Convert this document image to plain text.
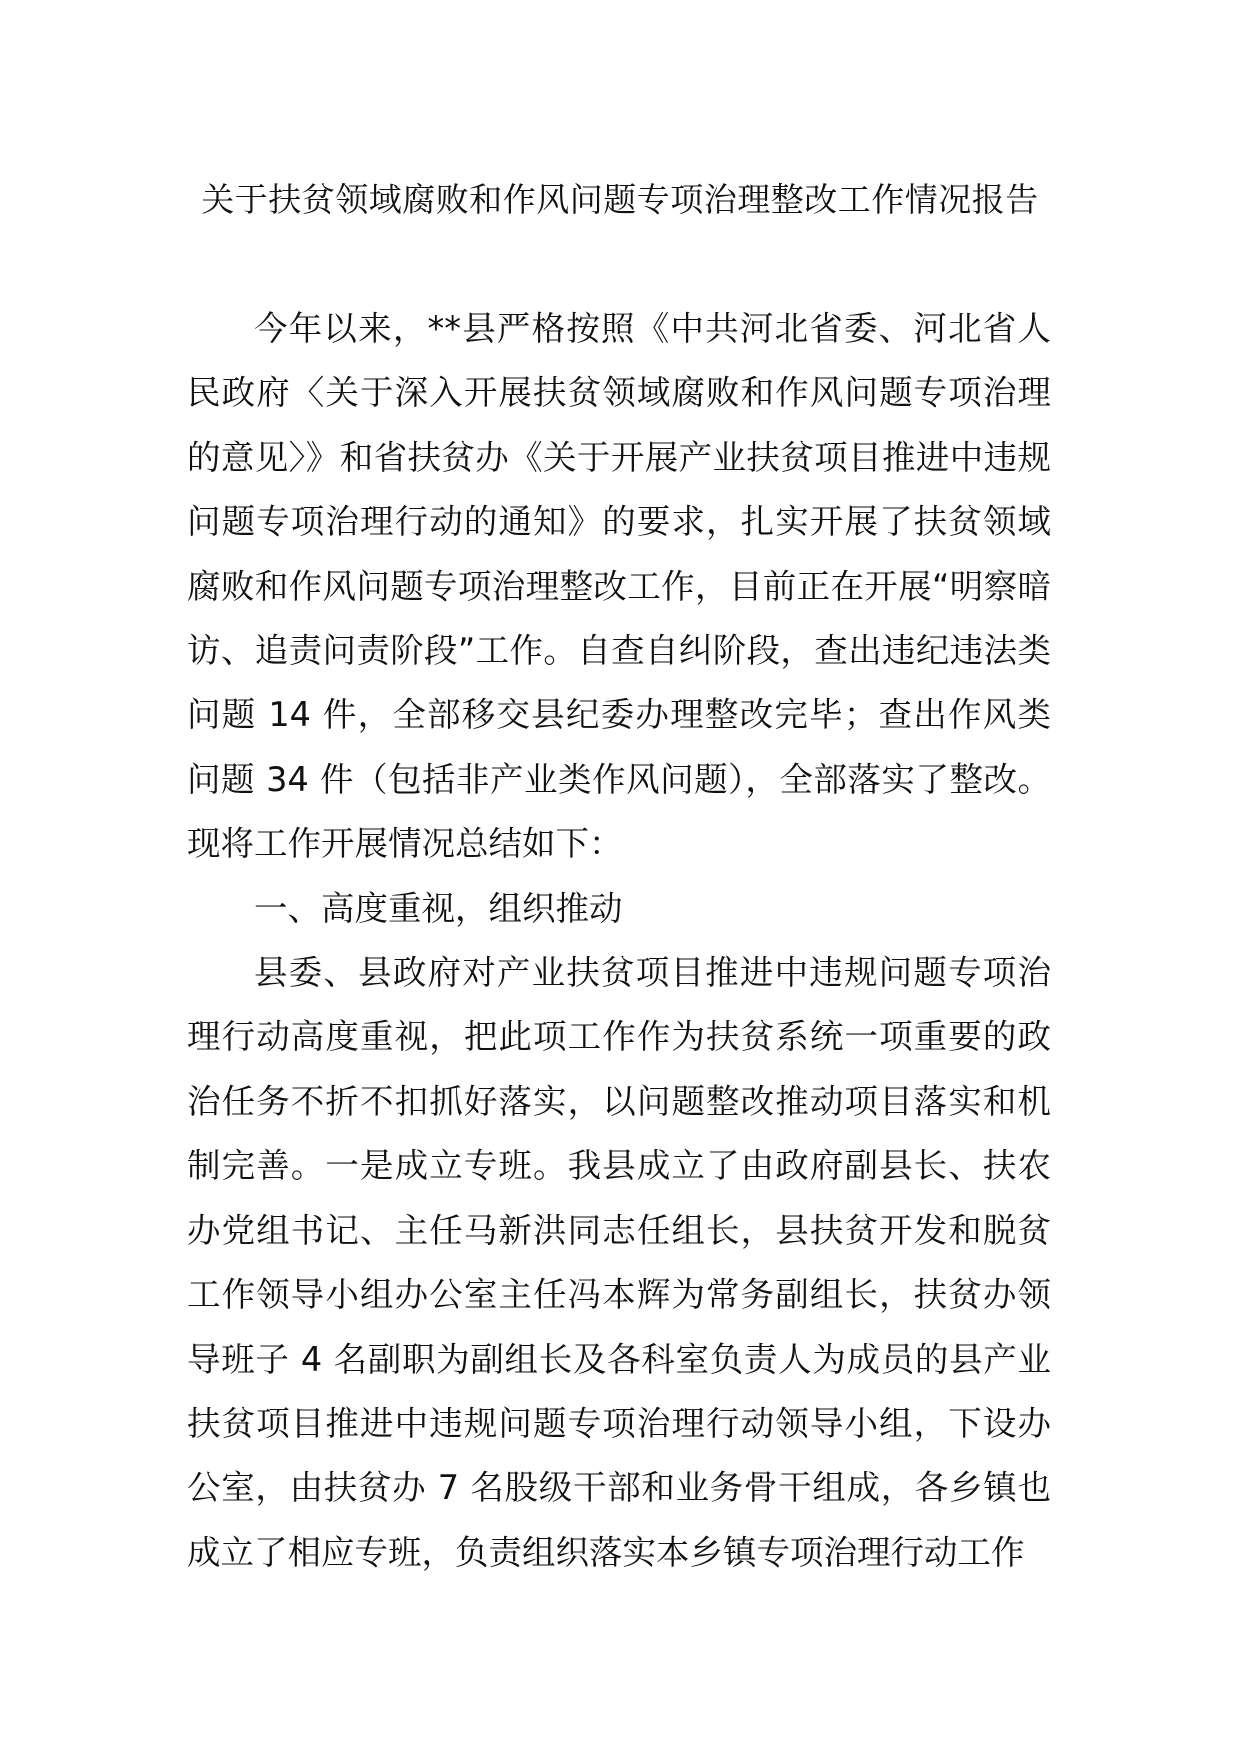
关于扶贫领域腐败和作风问题专项治理整改工作情况报告

今年以来，**县严格按照《中共河北省委、河北省人民政府〈关于深入开展扶贫领域腐败和作风问题专项治理的意见〉》和省扶贫办《关于开展产业扶贫项目推进中违规问题专项治理行动的通知》的要求，扎实开展了扶贫领域腐败和作风问题专项治理整改工作，目前正在开展“明察暗访、追责问责阶段”工作。自查自纠阶段，查出违纪违法类问题 14 件，全部移交县纪委办理整改完毕；查出作风类问题 34 件（包括非产业类作风问题），全部落实了整改。现将工作开展情况总结如下：

一、高度重视，组织推动

县委、县政府对产业扶贫项目推进中违规问题专项治理行动高度重视，把此项工作作为扶贫系统一项重要的政治任务不折不扣抓好落实，以问题整改推动项目落实和机制完善。一是成立专班。我县成立了由政府副县长、扶农办党组书记、主任马新洪同志任组长，县扶贫开发和脱贫工作领导小组办公室主任冯本辉为常务副组长，扶贫办领导班子 4 名副职为副组长及各科室负责人为成员的县产业扶贫项目推进中违规问题专项治理行动领导小组，下设办公室，由扶贫办 7 名股级干部和业务骨干组成，各乡镇也成立了相应专班，负责组织落实本乡镇专项治理行动工作
